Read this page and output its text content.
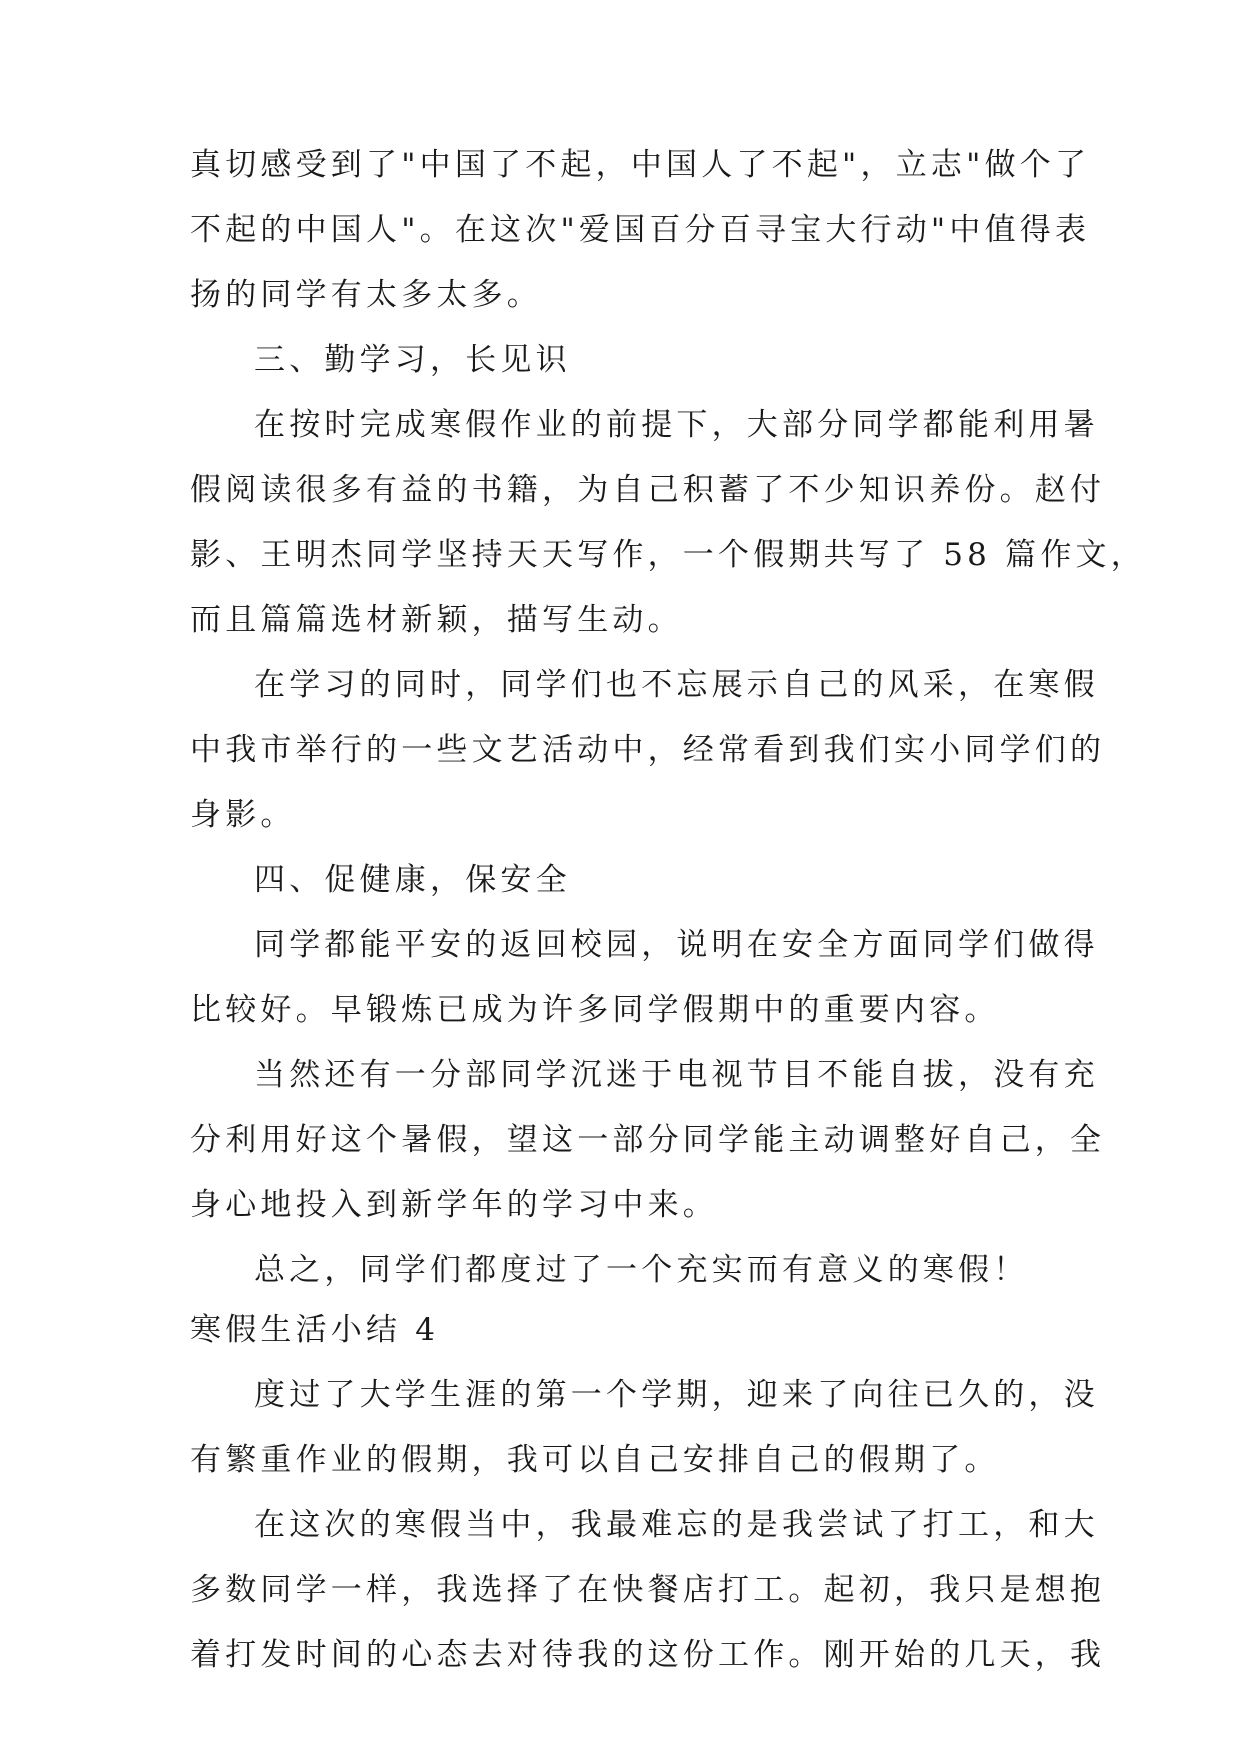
真切感受到了"中国了不起，中国人了不起"，立志"做个了
不起的中国人"。在这次"爱国百分百寻宝大行动"中值得表
扬的同学有太多太多。
三、勤学习，长见识
在按时完成寒假作业的前提下，大部分同学都能利用暑
假阅读很多有益的书籍，为自己积蓄了不少知识养份。赵付
影、王明杰同学坚持天天写作，一个假期共写了 58 篇作文，
而且篇篇选材新颖，描写生动。
在学习的同时，同学们也不忘展示自己的风采，在寒假
中我市举行的一些文艺活动中，经常看到我们实小同学们的
身影。
四、促健康，保安全
同学都能平安的返回校园，说明在安全方面同学们做得
比较好。早锻炼已成为许多同学假期中的重要内容。
当然还有一分部同学沉迷于电视节目不能自拔，没有充
分利用好这个暑假，望这一部分同学能主动调整好自己，全
身心地投入到新学年的学习中来。
总之，同学们都度过了一个充实而有意义的寒假！
寒假生活小结 4
度过了大学生涯的第一个学期，迎来了向往已久的，没
有繁重作业的假期，我可以自己安排自己的假期了。
在这次的寒假当中，我最难忘的是我尝试了打工，和大
多数同学一样，我选择了在快餐店打工。起初，我只是想抱
着打发时间的心态去对待我的这份工作。刚开始的几天，我
